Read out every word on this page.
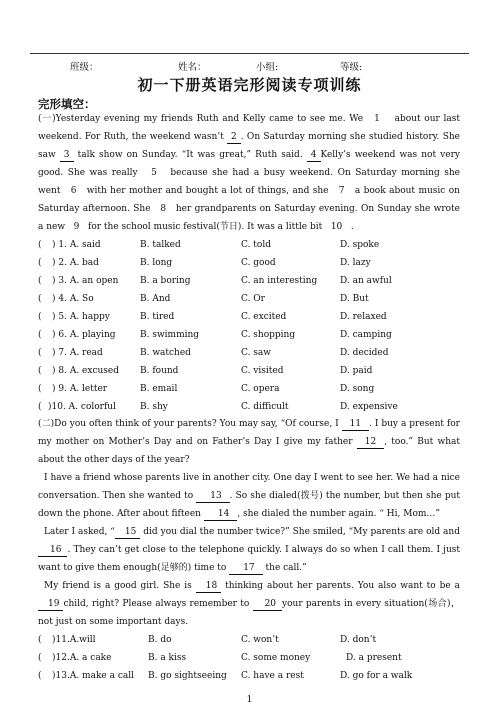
班级：	姓名：	小组:	等级:
初一下册英语完形阅读专项训练
完形填空：
(一)Yesterday evening my friends Ruth and Kelly came to see me. We 1 about our last weekend. For Ruth, the weekend wasn’t 2 . On Saturday morning she studied history. She saw 3 talk show on Sunday. “It was great,” Ruth said. 4 Kelly’s weekend was not very good. She was really 5 because she had a busy weekend. On Saturday morning she went 6 with her mother and bought a lot of things, and she 7 a book about music on Saturday afternoon. She 8 her grandparents on Saturday evening. On Sunday she wrote a new 9 for the school music festival(节日). It was a little bit 10 .
( ) 1. A. said	B. talked	C. told	D. spoke
( ) 2. A. bad	B. long	C. good	D. lazy
( ) 3. A. an open B. a boring	C. an interesting	D. an awful
( ) 4. A. So	B. And	C. Or	D. But
( ) 5. A. happy	B. tired	C. excited	D. relaxed
( ) 6. A. playing	B. swimming	C. shopping	D. camping
( ) 7. A. read	B. watched	C. saw	D. decided
( ) 8. A. excused B. found	C. visited	D. paid
( ) 9. A. letter	B. email	C. opera	D. song
( )10. A. colorful	B. shy	C. difficult	D. expensive
(二)Do you often think of your parents? You may say, “Of course, I 11 . I buy a present for my mother on Mother’s Day and on Father’s Day I give my father 12 , too.” But what about the other days of the year?
I have a friend whose parents live in another city. One day I went to see her. We had a nice conversation. Then she wanted to 13 . So she dialed(拨号) the number, but then she put down the phone. After about fifteen 14 , she dialed the number again. “ Hi, Mom…”
Later I asked, “ 15 did you dial the number twice?” She smiled, “My parents are old and 16 . They can’t get close to the telephone quickly. I always do so when I call them. I just want to give them enough(足够的) time to 17 the call.”
My friend is a good girl. She is 18 thinking about her parents. You also want to be a 19 child, right? Please always remember to 20 your parents in every situation(场合)，not just on some important days.
( )11.A.will	B. do	C. won’t	D. don’t
( )12.A. a cake	B. a kiss	C. some money	D. a present
( )13.A. make a call B. go sightseeing C. have a rest	D. go for a walk
1
